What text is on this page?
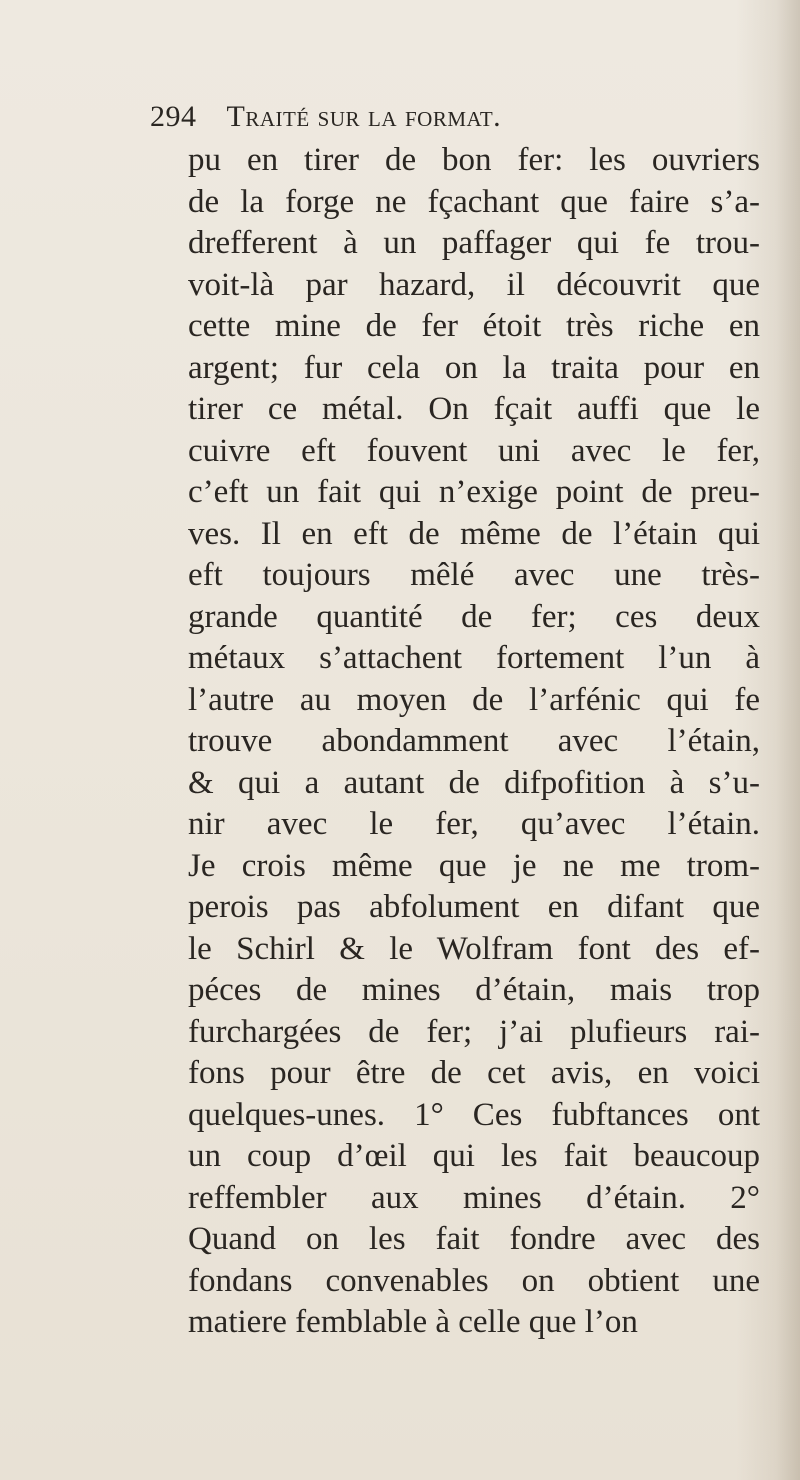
294 Traité sur la format.
pu en tirer de bon fer: les ouvriers
de la forge ne fçachant que faire s’a-
drefferent à un paffager qui fe trou-
voit-là par hazard, il découvrit que
cette mine de fer étoit très riche en
argent; fur cela on la traita pour en
tirer ce métal. On fçait auffi que le
cuivre eft fouvent uni avec le fer,
c’eft un fait qui n’exige point de preu-
ves. Il en eft de même de l’étain qui
eft toujours mêlé avec une très-
grande quantité de fer; ces deux
métaux s’attachent fortement l’un à
l’autre au moyen de l’arfénic qui fe
trouve abondamment avec l’étain,
& qui a autant de difpofition à s’u-
nir avec le fer, qu’avec l’étain.
Je crois même que je ne me trom-
perois pas abfolument en difant que
le Schirl & le Wolfram font des ef-
péces de mines d’étain, mais trop
furchargées de fer; j’ai plufieurs rai-
fons pour être de cet avis, en voici
quelques-unes. 1° Ces fubftances ont
un coup d’œil qui les fait beaucoup
reffembler aux mines d’étain. 2°
Quand on les fait fondre avec des
fondans convenables on obtient une
matiere femblable à celle que l’on
